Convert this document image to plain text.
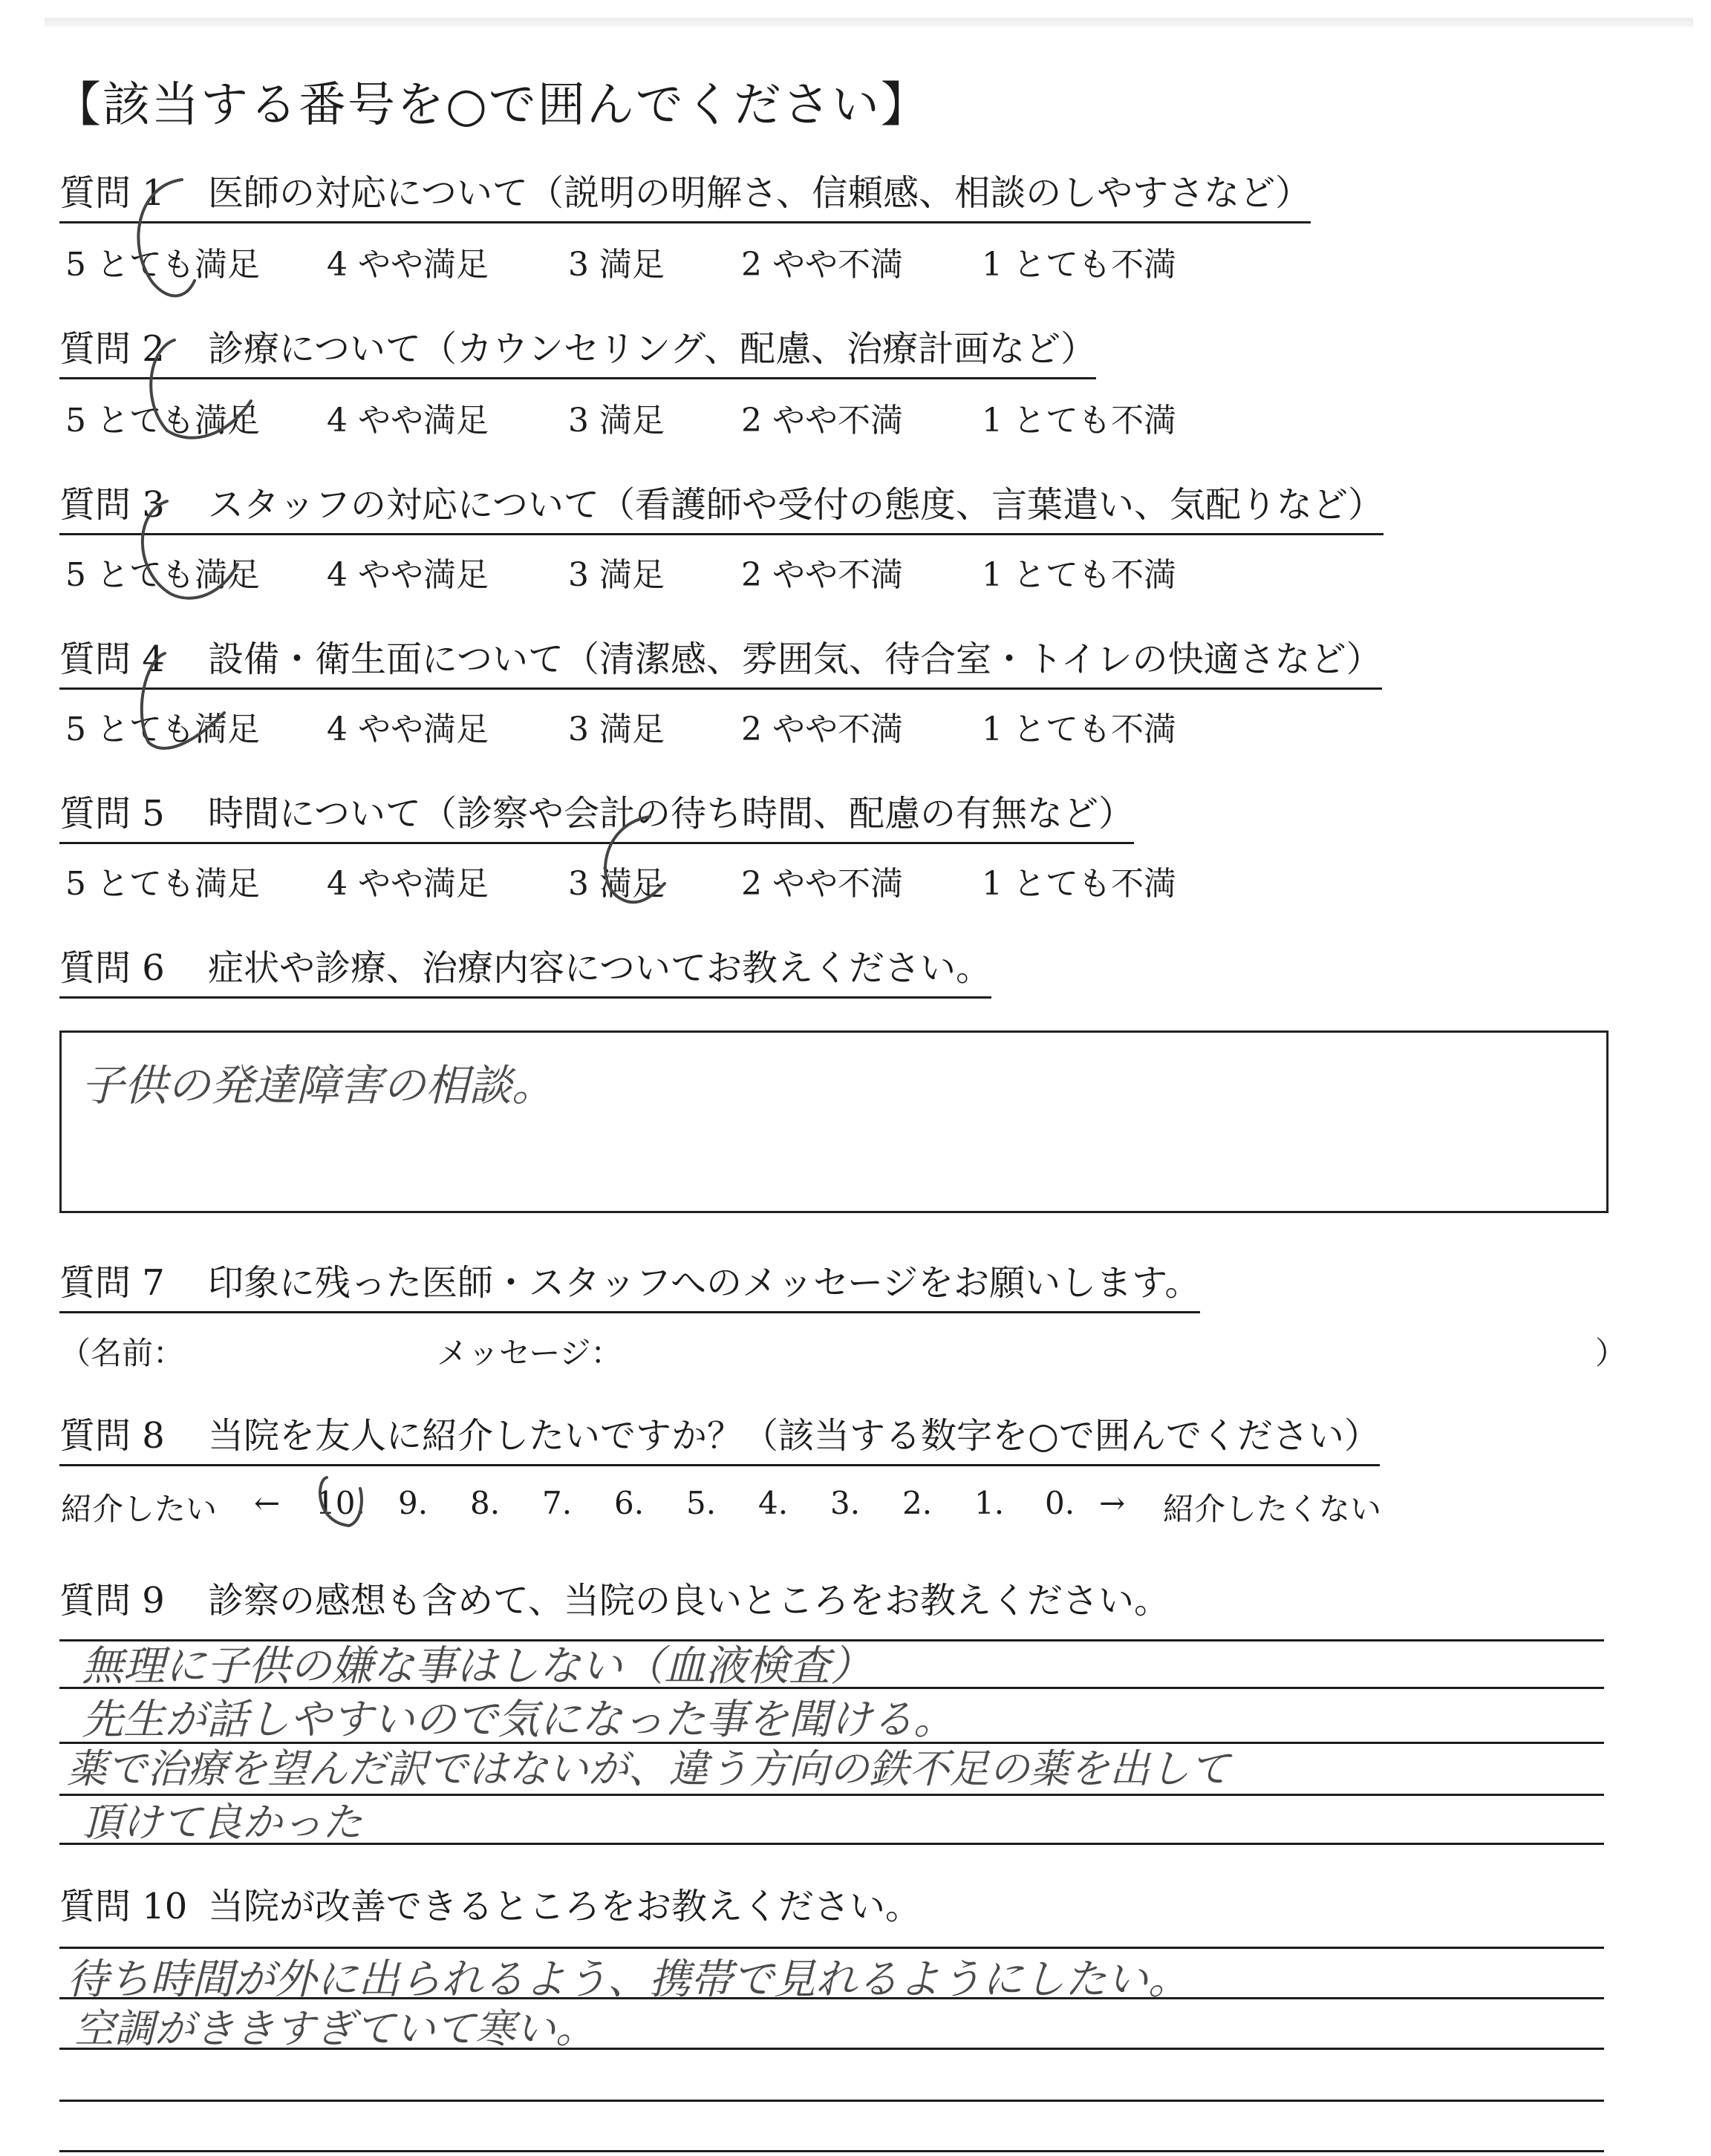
【該当する番号を○で囲んでください】
質問 1 医師の対応について（説明の明解さ、信頼感、相談のしやすさなど）
5 とても満足 4 やや満足 3 満足 2 やや不満 1 とても不満
質問 2 診療について（カウンセリング、配慮、治療計画など）
5 とても満足 4 やや満足 3 満足 2 やや不満 1 とても不満
質問 3 スタッフの対応について（看護師や受付の態度、言葉遣い、気配りなど）
5 とても満足 4 やや満足 3 満足 2 やや不満 1 とても不満
質問 4 設備・衛生面について（清潔感、雰囲気、待合室・トイレの快適さなど）
5 とても満足 4 やや満足 3 満足 2 やや不満 1 とても不満
質問 5 時間について（診察や会計の待ち時間、配慮の有無など）
5 とても満足 4 やや満足 3 満足 2 やや不満 1 とても不満
質問 6 症状や診療、治療内容についてお教えください。
子供の発達障害の相談。
質問 7 印象に残った医師・スタッフへのメッセージをお願いします。
（名前：	メッセージ：	）
質問 8 当院を友人に紹介したいですか？（該当する数字を○で囲んでください）
紹介したい ← 10. 9. 8. 7. 6. 5. 4. 3. 2. 1. 0. → 紹介したくない
質問 9 診察の感想も含めて、当院の良いところをお教えください。
無理に子供の嫌な事はしない（血液検査）
先生が話しやすいので気になった事を聞ける。
薬で治療を望んだ訳ではないが、違う方向の鉄不足の薬を出して
頂けて良かった
質問 10 当院が改善できるところをお教えください。
待ち時間が外に出られるよう、携帯で見れるようにしたい。
空調がききすぎていて寒い。
